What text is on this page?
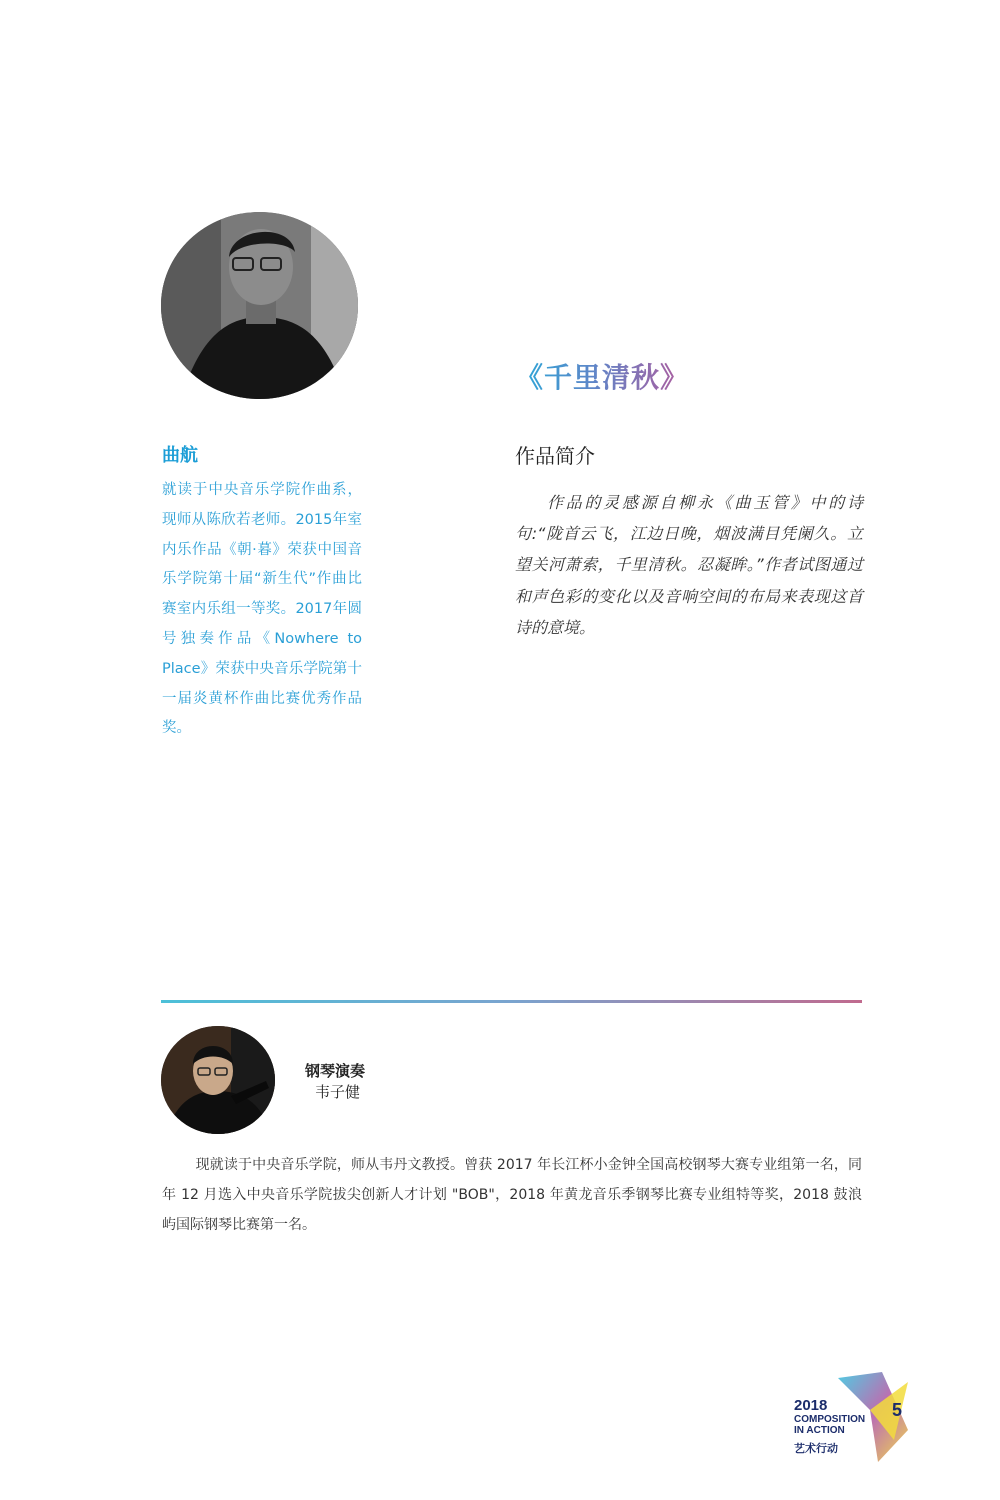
《千里清秋》
曲航
就读于中央音乐学院作曲系，现师从陈欣若老师。2015年室内乐作品《朝·暮》荣获中国音乐学院第十届“新生代”作曲比赛室内乐组一等奖。2017年圆号独奏作品《Nowhere to Place》荣获中央音乐学院第十一届炎黄杯作曲比赛优秀作品奖。
作品简介
作品的灵感源自柳永《曲玉管》中的诗句:“陇首云飞，江边日晚，烟波满目凭阑久。立望关河萧索，千里清秋。忍凝眸。”作者试图通过和声色彩的变化以及音响空间的布局来表现这首诗的意境。
钢琴演奏
韦子健
现就读于中央音乐学院，师从韦丹文教授。曾获 2017 年长江杯小金钟全国高校钢琴大赛专业组第一名，同年 12 月选入中央音乐学院拔尖创新人才计划 "BOB"，2018 年黄龙音乐季钢琴比赛专业组特等奖，2018 鼓浪屿国际钢琴比赛第一名。
2018
COMPOSITION
IN ACTION
艺术行动
5
